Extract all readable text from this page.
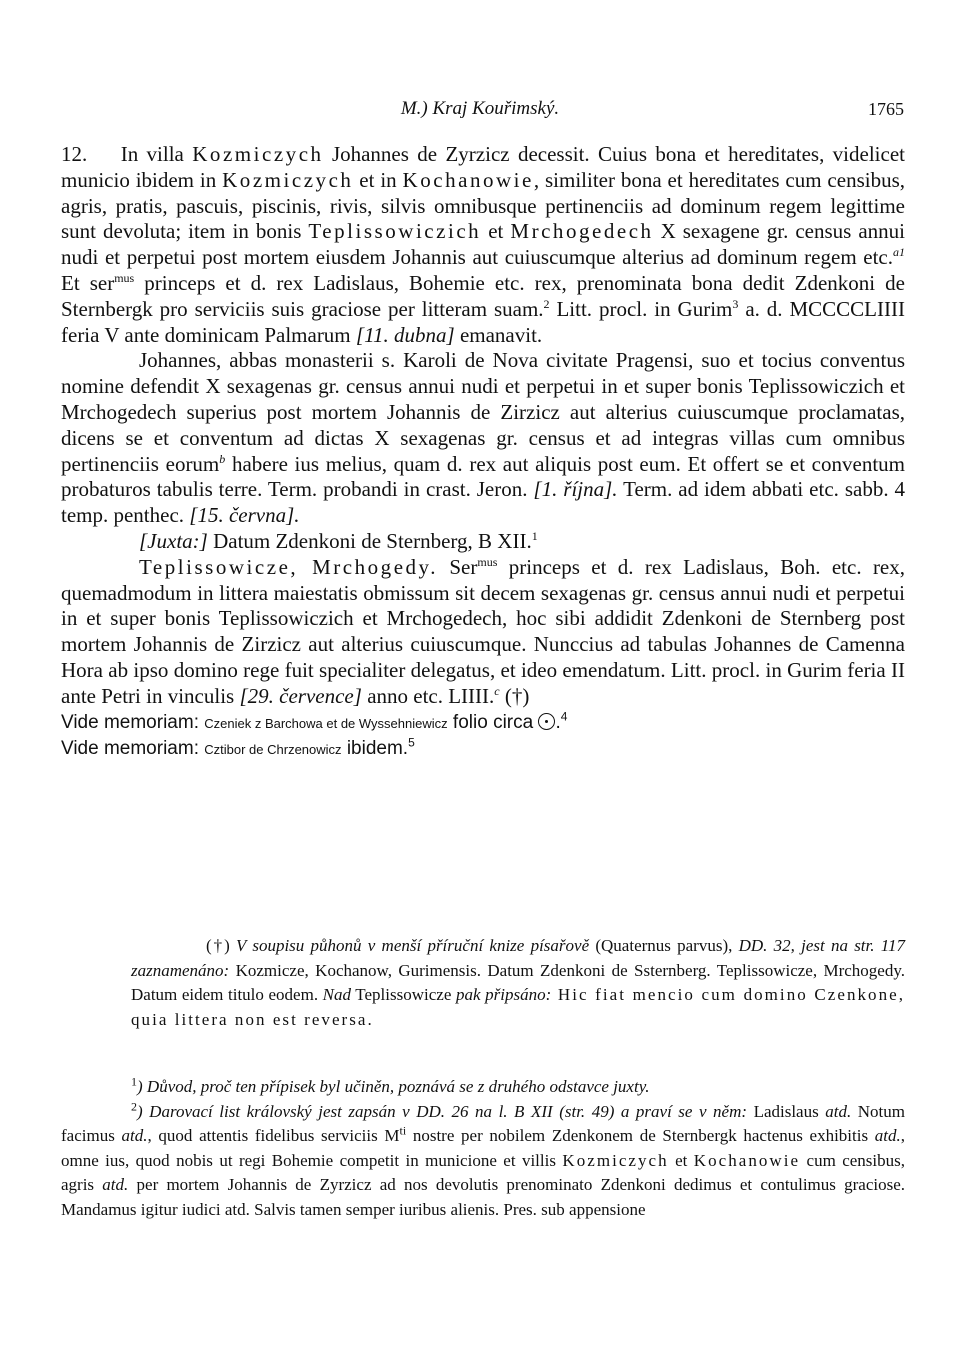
M.) Kraj Kouřimský.	1765

12. In villa Kozmiczych Johannes de Zyrzicz decessit. Cuius bona et hereditates, videlicet municio ibidem in Kozmiczych et in Kochanowie, similiter bona et hereditates cum censibus, agris, pratis, pascuis, piscinis, rivis, silvis omnibusque pertinenciis ad dominum regem legittime sunt devoluta; item in bonis Teplissowiczich et Mrchogedech X sexagene gr. census annui nudi et perpetui post mortem eiusdem Johannis aut cuiuscumque alterius ad dominum regem etc.$^{a1}$ Et ser$^{mus}$ princeps et d. rex Ladislaus, Bohemie etc. rex, prenominata bona dedit Zdenkoni de Sternbergk pro serviciis suis graciose per litteram suam.$^2$ Litt. procl. in Gurim$^3$ a. d. MCCCCLIIII feria V ante dominicam Palmarum [11. dubna] emanavit.

Johannes, abbas monasterii s. Karoli de Nova civitate Pragensi, suo et tocius conventus nomine defendit X sexagenas gr. census annui nudi et perpetui in et super bonis Teplissowiczich et Mrchogedech superius post mortem Johannis de Zirzicz aut alterius cuiuscumque proclamatas, dicens se et conventum ad dictas X sexagenas gr. census et ad integras villas cum omnibus pertinenciis eorum$^b$ habere ius melius, quam d. rex aut aliquis post eum. Et offert se et conventum probaturos tabulis terre. Term. probandi in crast. Jeron. [1. října]. Term. ad idem abbati etc. sabb. 4 temp. penthec. [15. června].

[Juxta:] Datum Zdenkoni de Sternberg, B XII.$^1$

Teplissowicze, Mrchogedy. Ser$^{mus}$ princeps et d. rex Ladislaus, Boh. etc. rex, quemadmodum in littera maiestatis obmissum sit decem sexagenas gr. census annui nudi et perpetui in et super bonis Teplissowiczich et Mrchogedech, hoc sibi addidit Zdenkoni de Sternberg post mortem Johannis de Zirzicz aut alterius cuiuscumque. Nunccius ad tabulas Johannes de Camenna Hora ab ipso domino rege fuit specialiter delegatus, et ideo emendatum. Litt. procl. in Gurim feria II ante Petri in vinculis [29. července] anno etc. LIIII.$^c$ (†)

Vide memoriam: Czeniek z Barchowa et de Wyssehniewicz folio circa .$^4$

Vide memoriam: Cztibor de Chrzenowicz ibidem.$^5$

(†) V soupisu půhonů v menší příruční knize písařově (Quaternus parvus), DD. 32, jest na str. 117 zaznamenáno: Kozmicze, Kochanow, Gurimensis. Datum Zdenkoni de Ssternberg. Teplissowicze, Mrchogedy. Datum eidem titulo eodem. Nad Teplissowicze pak připsáno: Hic fiat mencio cum domino Czenkone, quia littera non est reversa.

$^1$) Důvod, proč ten přípisek byl učiněn, poznává se z druhého odstavce juxty.

$^2$) Darovací list královský jest zapsán v DD. 26 na l. B XII (str. 49) a praví se v něm: Ladislaus atd. Notum facimus atd., quod attentis fidelibus serviciis $M^{ti}$ nostre per nobilem Zdenkonem de Sternbergk hactenus exhibitis atd., omne ius, quod nobis ut regi Bohemie competit in municione et villis Kozmiczych et Kochanowie cum censibus, agris atd. per mortem Johannis de Zyrzicz ad nos devolutis prenominato Zdenkoni dedimus et contulimus graciose. Mandamus igitur iudici atd. Salvis tamen semper iuribus alienis. Pres. sub appensione
